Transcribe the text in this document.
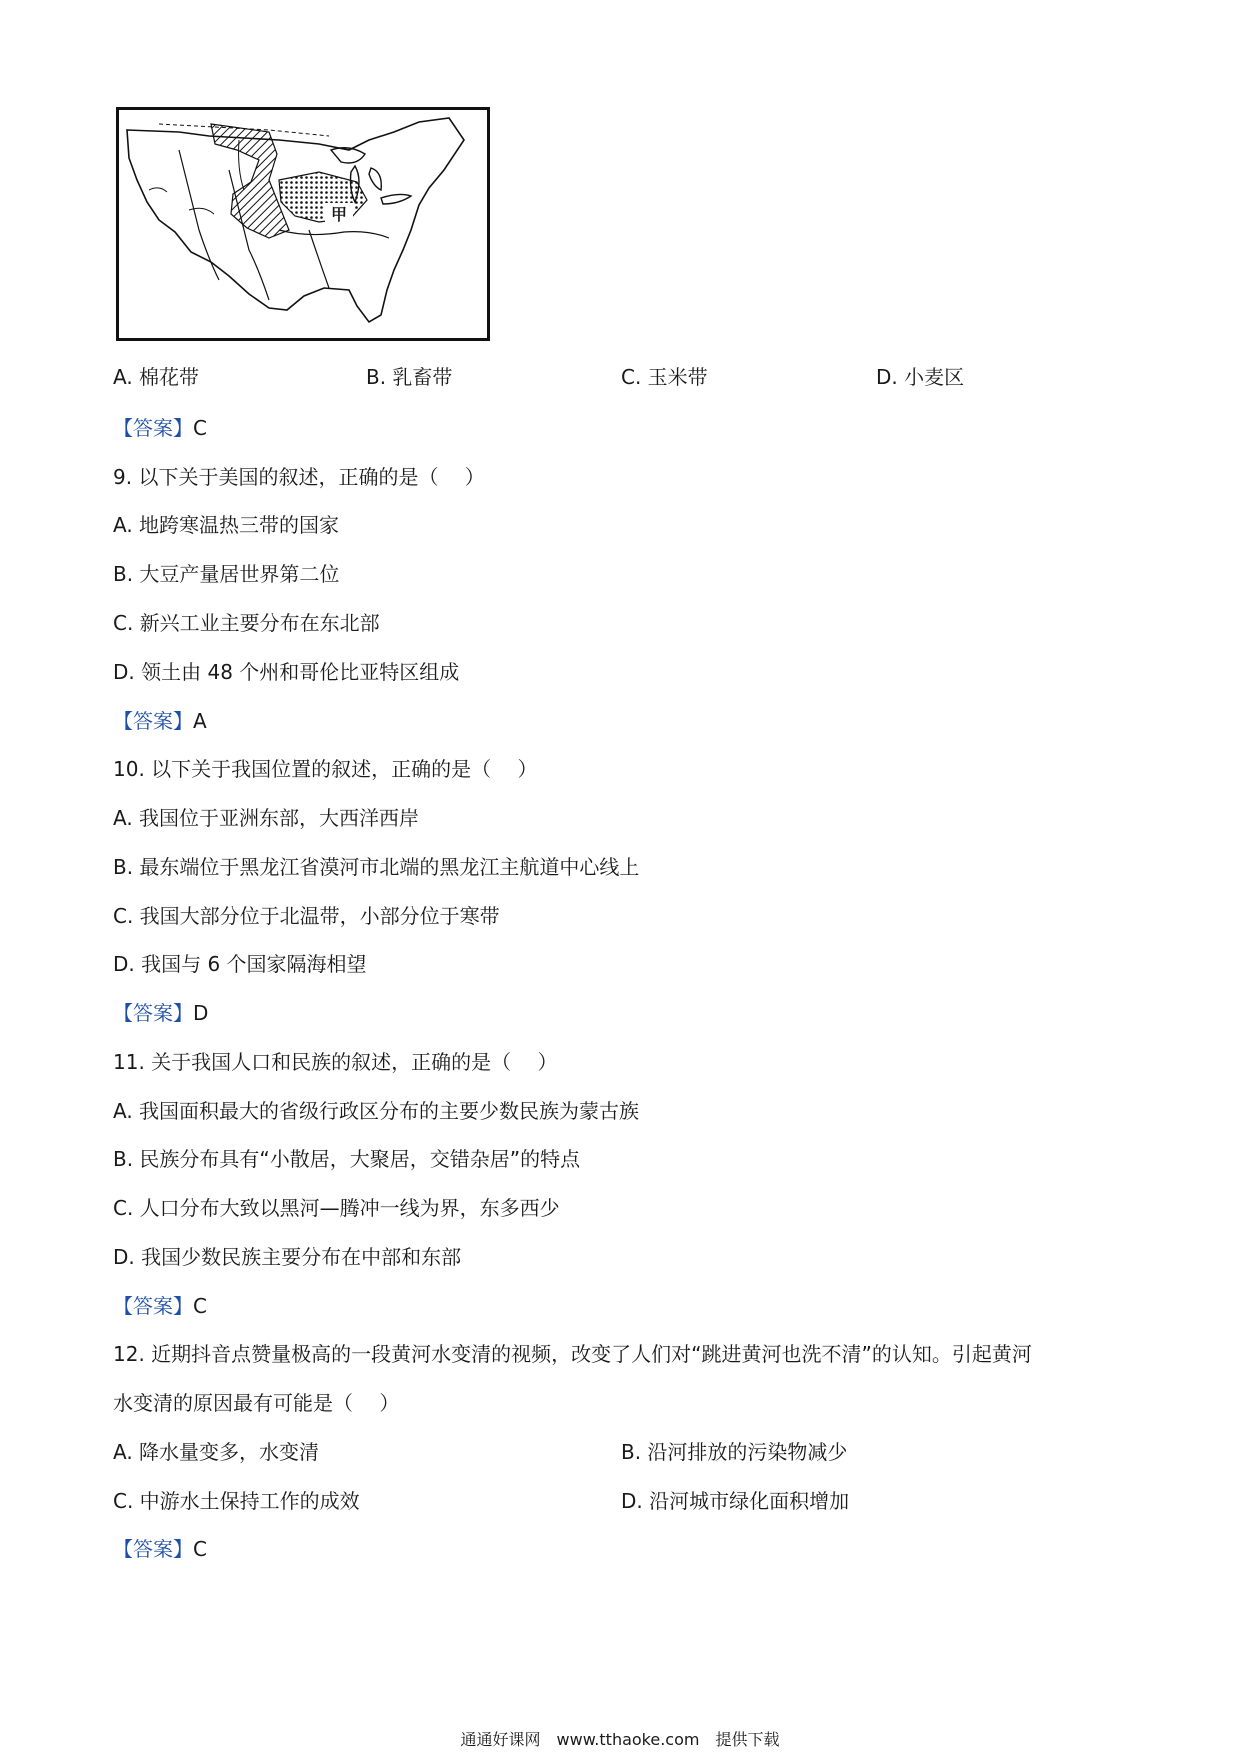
甲
A. 棉花带	B. 乳畜带	C. 玉米带	D. 小麦区
【答案】C
9. 以下关于美国的叙述，正确的是（　 ）
A. 地跨寒温热三带的国家
B. 大豆产量居世界第二位
C. 新兴工业主要分布在东北部
D. 领土由 48 个州和哥伦比亚特区组成
【答案】A
10. 以下关于我国位置的叙述，正确的是（　 ）
A. 我国位于亚洲东部，大西洋西岸
B. 最东端位于黑龙江省漠河市北端的黑龙江主航道中心线上
C. 我国大部分位于北温带，小部分位于寒带
D. 我国与 6 个国家隔海相望
【答案】D
11. 关于我国人口和民族的叙述，正确的是（　 ）
A. 我国面积最大的省级行政区分布的主要少数民族为蒙古族
B. 民族分布具有“小散居，大聚居，交错杂居”的特点
C. 人口分布大致以黑河—腾冲一线为界，东多西少
D. 我国少数民族主要分布在中部和东部
【答案】C
12. 近期抖音点赞量极高的一段黄河水变清的视频，改变了人们对“跳进黄河也洗不清”的认知。引起黄河
水变清的原因最有可能是（　 ）
A. 降水量变多，水变清	B. 沿河排放的污染物减少
C. 中游水土保持工作的成效	D. 沿河城市绿化面积增加
【答案】C
通通好课网　www.tthaoke.com　提供下载
